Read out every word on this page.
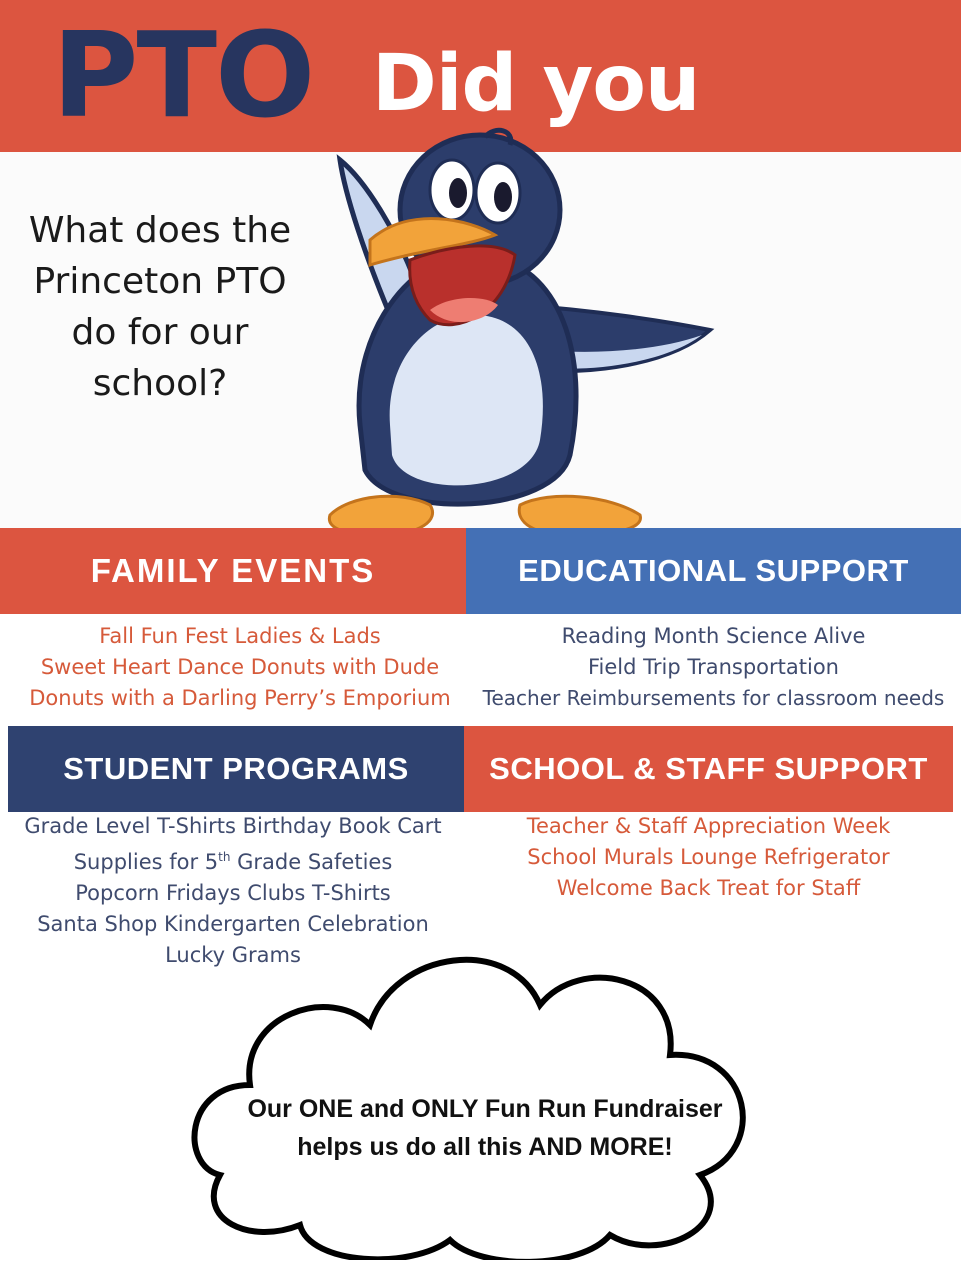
PTO Did you
What does the
Princeton PTO
do for our
school?
FAMILY EVENTS
Fall Fun Fest Ladies & Lads
Sweet Heart Dance Donuts with Dude
Donuts with a Darling Perry’s Emporium
EDUCATIONAL SUPPORT
Reading Month Science Alive
Field Trip Transportation
Teacher Reimbursements for classroom needs
STUDENT PROGRAMS
Grade Level T-Shirts Birthday Book Cart
Supplies for 5th Grade Safeties
Popcorn Fridays Clubs T-Shirts
Santa Shop Kindergarten Celebration
Lucky Grams
SCHOOL & STAFF SUPPORT
Teacher & Staff Appreciation Week
School Murals Lounge Refrigerator
Welcome Back Treat for Staff
Our ONE and ONLY Fun Run Fundraiser
helps us do all this AND MORE!
